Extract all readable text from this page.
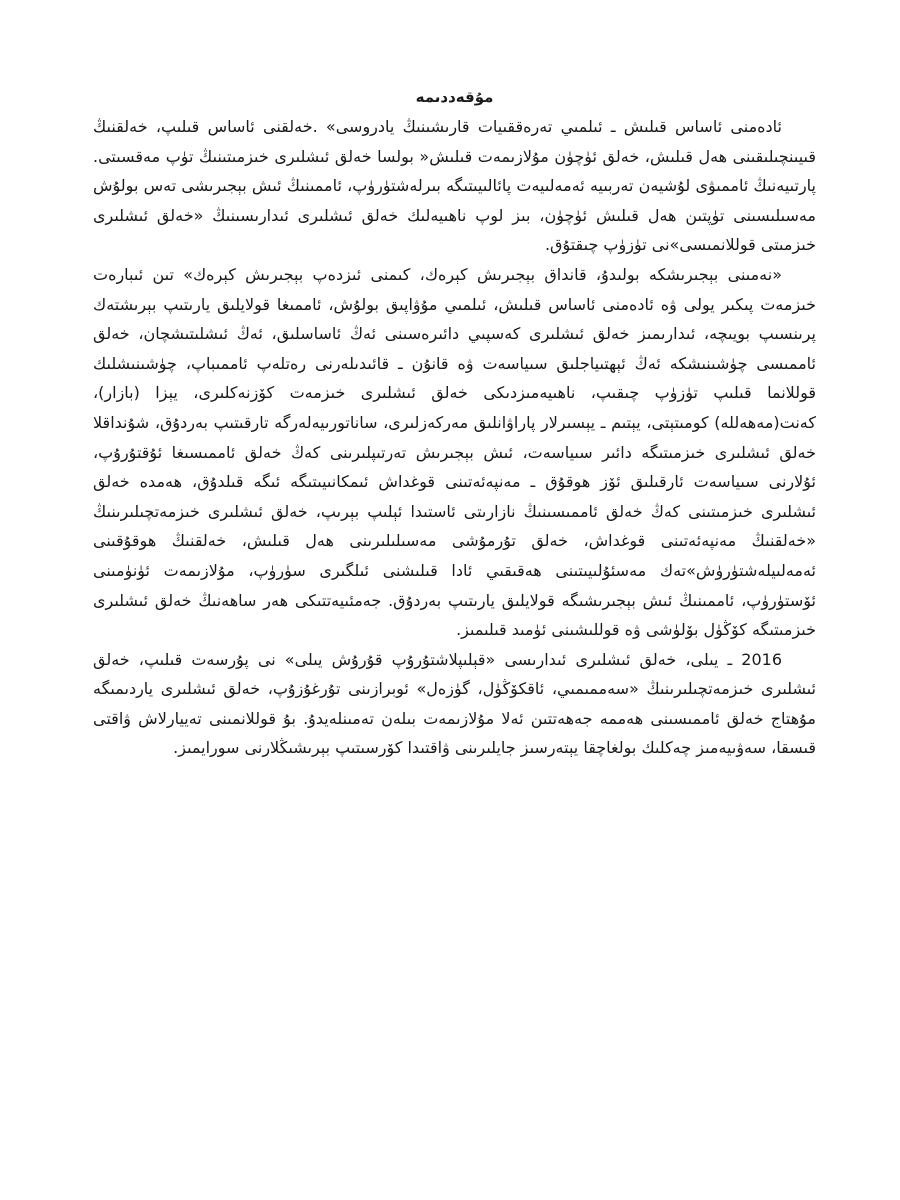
مۇقەددىمە

ئادەمنى ئاساس قىلىش ـ ئىلمىي تەرەققىيات قارىشىنىڭ يادروسى» .خەلقنى ئاساس قىلىپ، خەلقنىڭ قىيىنچىلىقىنى ھەل قىلىش، خەلق ئۈچۈن مۇلازىمەت قىلىش« بولسا خەلق ئىشلىرى خىزمىتىنىڭ تۈپ مەقسىتى. پارتىيەنىڭ ئاممىۋى لۇشيەن تەربىيە ئەمەلىيەت پائالىيىتىگە بىرلەشتۈرۈپ، ئاممىنىڭ ئىش بېجىرىشى تەس بولۇش مەسىلىسىنى تۈپتىن ھەل قىلىش ئۈچۈن، بىز لوپ ناھىيەلىك خەلق ئىشلىرى ئىدارىسىنىڭ «خەلق ئىشلىرى خىزمىتى قوللانمىسى»نى تۈزۈپ چىقتۇق.

«نەمىنى بېجىرىشكە بولىدۇ، قانداق بېجىرىش كېرەك، كىمنى ئىزدەپ بېجىرىش كېرەك» تىن ئىبارەت خىزمەت پىكىر يولى ۋە ئادەمنى ئاساس قىلىش، ئىلمىي مۇۋاپىق بولۇش، ئاممىغا قولايلىق يارىتىپ بېرىشتەك پرىنسىپ بويىچە، ئىدارىمىز خەلق ئىشلىرى كەسپىي دائىرەسىنى ئەڭ ئاساسلىق، ئەڭ ئىشلىتىشچان، خەلق ئاممىسى چۈشىنىشكە ئەڭ ئېھتىياجلىق سىياسەت ۋە قانۇن ـ قائىدىلەرنى رەتلەپ ئاممىباپ، چۈشىنىشلىك قوللانما قىلىپ تۈزۈپ چىقىپ، ناھىيەمىزدىكى خەلق ئىشلىرى خىزمەت كۆزنەكلىرى، يېزا (بازار)، كەنت(مەھەللە) كومىتېتى، يېتىم ـ يېسىرلار پاراۋانلىق مەركەزلىرى، ساناتورىيەلەرگە تارقىتىپ بەردۇق، شۇنداقلا خەلق ئىشلىرى خىزمىتىگە دائىر سىياسەت، ئىش بېجىرىش تەرتىپلىرىنى كەڭ خەلق ئاممىسىغا ئۇقتۇرۇپ، ئۇلارنى سىياسەت ئارقىلىق ئۆز ھوقۇق ـ مەنپەئەتىنى قوغداش ئىمكانىيىتىگە ئىگە قىلدۇق، ھەمدە خەلق ئىشلىرى خىزمىتىنى كەڭ خەلق ئاممىسىنىڭ نازارىتى ئاستىدا ئېلىپ بېرىپ، خەلق ئىشلىرى خىزمەتچىلىرىنىڭ «خەلقنىڭ مەنپەئەتىنى قوغداش، خەلق تۇرمۇشى مەسىلىلىرىنى ھەل قىلىش، خەلقنىڭ ھوقۇقىنى ئەمەلىيلەشتۈرۈش»تەك مەسئۇلىيىتىنى ھەقىقىي ئادا قىلىشنى ئىلگىرى سۈرۈپ، مۇلازىمەت ئۈنۈمىنى ئۆستۈرۈپ، ئاممىنىڭ ئىش بېجىرىشىگە قولايلىق يارىتىپ بەردۇق. جەمئىيەتتىكى ھەر ساھەنىڭ خەلق ئىشلىرى خىزمىتىگە كۆڭۈل بۆلۈشى ۋە قوللىشىنى ئۈمىد قىلىمىز.

2016 ـ يىلى، خەلق ئىشلىرى ئىدارىسى «قېلىپلاشتۇرۇپ قۇرۇش يىلى» نى پۇرسەت قىلىپ، خەلق ئىشلىرى خىزمەتچىلىرىنىڭ «سەممىمىي، ئاقكۆڭۈل، گۈزەل» ئوبرازىنى تۇرغۇزۇپ، خەلق ئىشلىرى ياردىمىگە مۇھتاج خەلق ئاممىسىنى ھەممە جەھەتتىن ئەلا مۇلازىمەت بىلەن تەمىنلەيدۇ. بۇ قوللانمىنى تەييارلاش ۋاقتى قىسقا، سەۋىيەمىز چەكلىك بولغاچقا يېتەرسىز جايلىرىنى ۋاقتىدا كۆرسىتىپ بېرىشىڭلارنى سورايمىز.
